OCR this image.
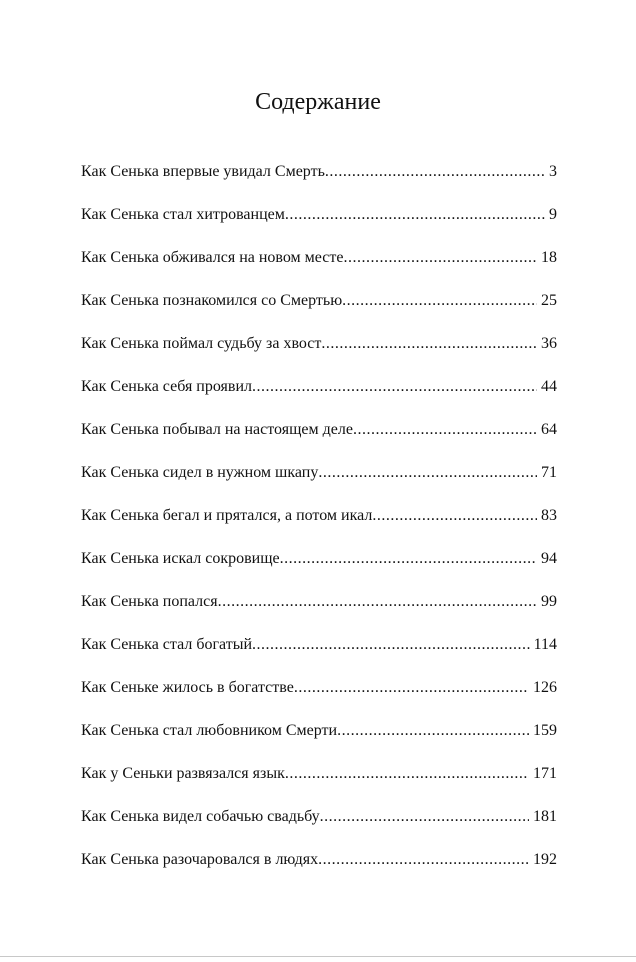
Содержание
Как Сенька впервые увидал Смерть .....	3
Как Сенька стал хитрованцем .....	9
Как Сенька обживался на новом месте .....	18
Как Сенька познакомился со Смертью .....	25
Как Сенька поймал судьбу за хвост .....	36
Как Сенька себя проявил .....	44
Как Сенька побывал на настоящем деле .....	64
Как Сенька сидел в нужном шкапу .....	71
Как Сенька бегал и прятался, а потом икал .....	83
Как Сенька искал сокровище .....	94
Как Сенька попался .....	99
Как Сенька стал богатый .....	114
Как Сеньке жилось в богатстве .....	126
Как Сенька стал любовником Смерти .....	159
Как у Сеньки развязался язык .....	171
Как Сенька видел собачью свадьбу .....	181
Как Сенька разочаровался в людях .....	192
